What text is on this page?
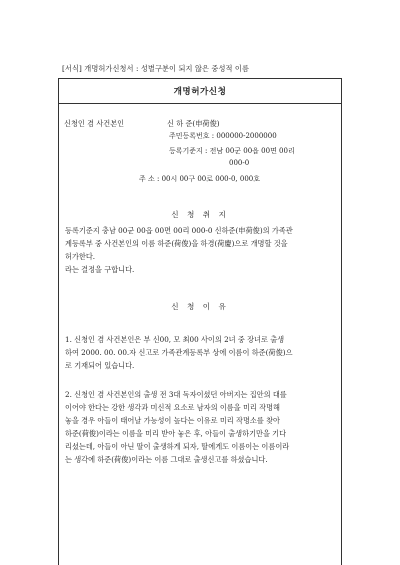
[서식] 개명허가신청서 : 성별구분이 되지 않은 중성적 이름
개명허가신청
신청인 겸 사건본인	신 하 준(申荷俊)
주민등록번호 : 000000-2000000
등록기준지 : 전남 00군 00읍 00면 00리
000-0
주 소 : 00시 00구 00로 000-0, 000호
신 청 취 지
등록기준지 충남 00군 00읍 00면 00리 000-0 신하준(申荷俊)의 가족관
계등록부 중 사건본인의 이름 하준(荷俊)을 하경(荷慶)으로 개명할 것을
허가한다.
라는 결정을 구합니다.
신 청 이 유
1. 신청인 겸 사건본인은 부 신00, 모 최00 사이의 2녀 중 장녀로 출생
하여 2000. 00. 00.자 신고로 가족관계등록부 상에 이름이 하준(荷俊)으
로 기재되어 있습니다.
2. 신청인 겸 사건본인의 출생 전 3대 독자이셨던 아버지는 집안의 대를
이어야 한다는 강한 생각과 미신적 요소로 남자의 이름을 미리 작명해
놓을 경우 아들이 태어날 가능성이 높다는 이유로 미리 작명소를 찾아
하준(荷俊)이라는 이름을 미리 받아 놓은 후, 아들이 출생하기만을 기다
리셨는데, 아들이 아닌 딸이 출생하게 되자, 딸에게도 이름이는 이름이라
는 생각에 하준(荷俊)이라는 이름 그대로 출생신고를 하셨습니다.
